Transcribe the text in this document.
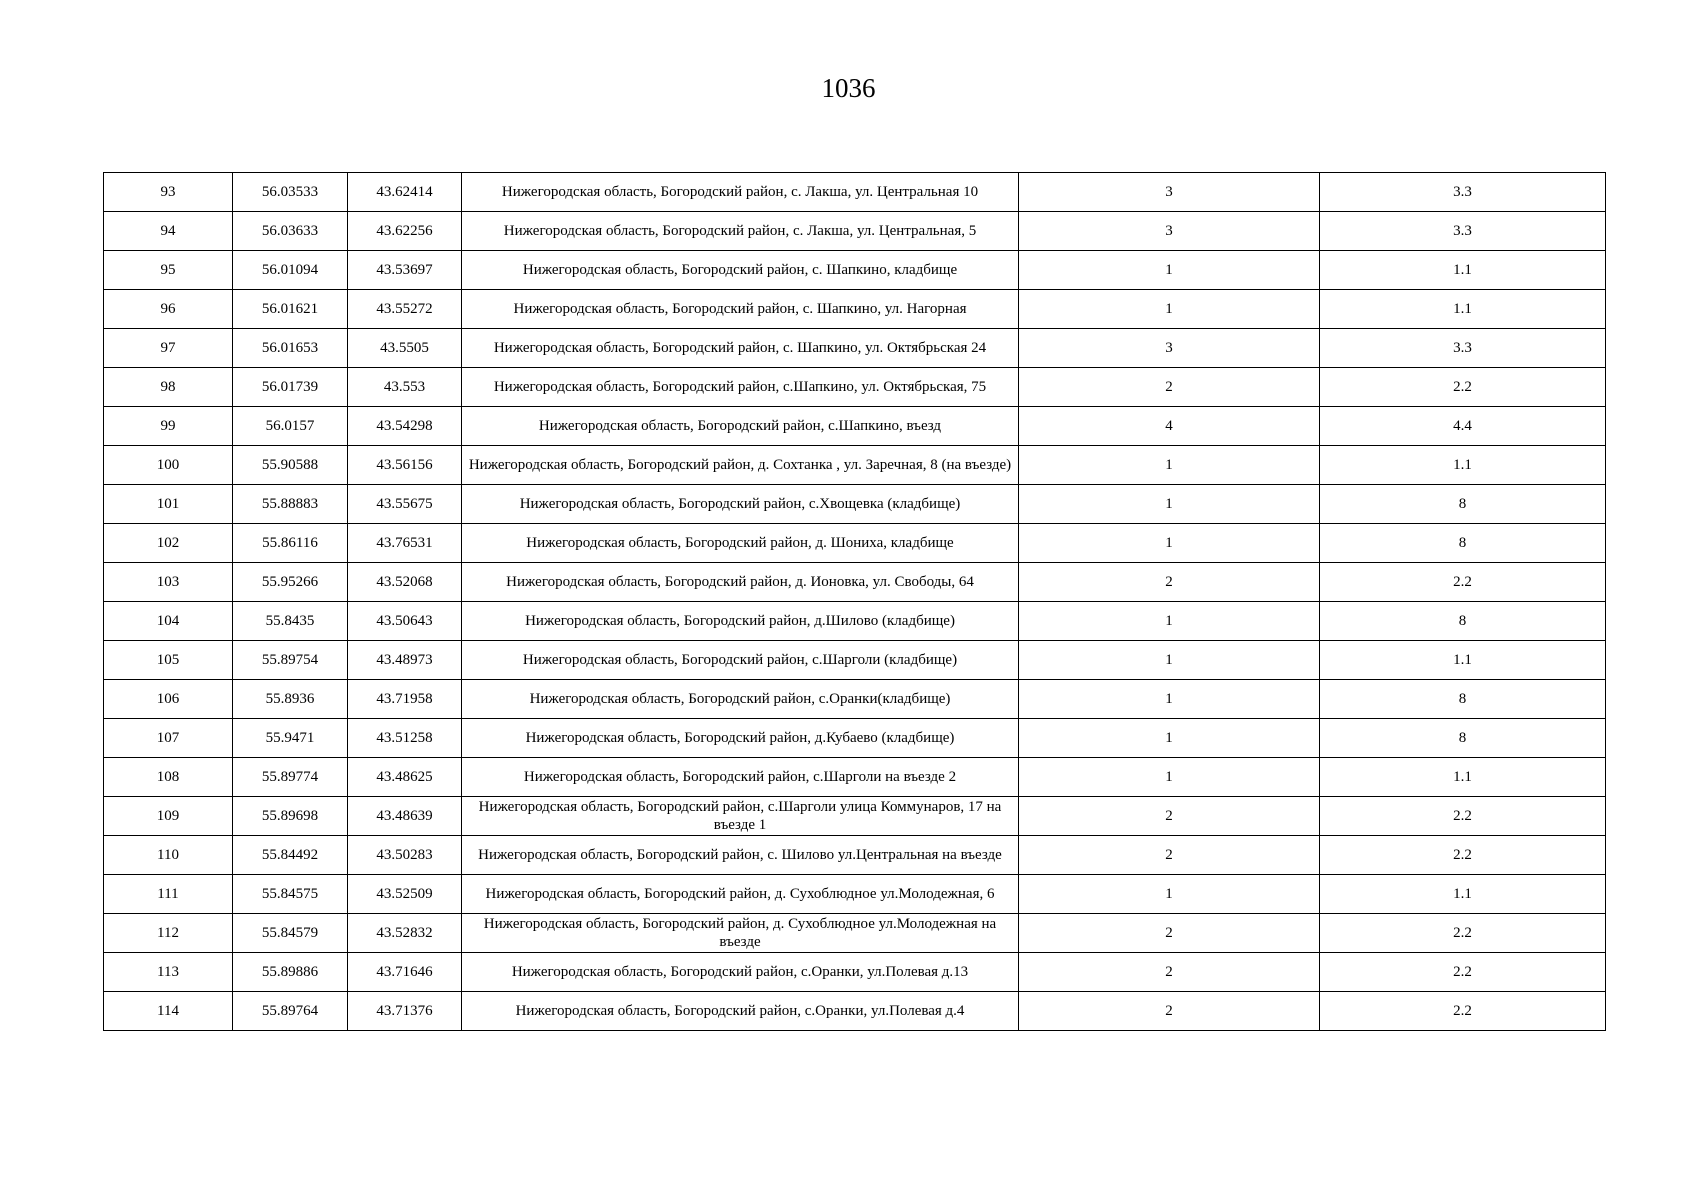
1036
93	56.03533	43.62414	Нижегородская область, Богородский район, с. Лакша, ул. Центральная 10	3	3.3
94	56.03633	43.62256	Нижегородская область, Богородский район, с. Лакша, ул. Центральная, 5	3	3.3
95	56.01094	43.53697	Нижегородская область, Богородский район, с. Шапкино, кладбище	1	1.1
96	56.01621	43.55272	Нижегородская область, Богородский район, с. Шапкино, ул. Нагорная	1	1.1
97	56.01653	43.5505	Нижегородская область, Богородский район, с. Шапкино, ул. Октябрьская 24	3	3.3
98	56.01739	43.553	Нижегородская область, Богородский район, с.Шапкино, ул. Октябрьская, 75	2	2.2
99	56.0157	43.54298	Нижегородская область, Богородский район, с.Шапкино, въезд	4	4.4
100	55.90588	43.56156	Нижегородская область, Богородский район, д. Сохтанка , ул. Заречная, 8 (на въезде)	1	1.1
101	55.88883	43.55675	Нижегородская область, Богородский район, с.Хвощевка (кладбище)	1	8
102	55.86116	43.76531	Нижегородская область, Богородский район, д. Шониха, кладбище	1	8
103	55.95266	43.52068	Нижегородская область, Богородский район, д. Ионовка, ул. Свободы, 64	2	2.2
104	55.8435	43.50643	Нижегородская область, Богородский район, д.Шилово (кладбище)	1	8
105	55.89754	43.48973	Нижегородская область, Богородский район, с.Шарголи (кладбище)	1	1.1
106	55.8936	43.71958	Нижегородская область, Богородский район, с.Оранки(кладбище)	1	8
107	55.9471	43.51258	Нижегородская область, Богородский район, д.Кубаево (кладбище)	1	8
108	55.89774	43.48625	Нижегородская область, Богородский район, с.Шарголи на въезде 2	1	1.1
109	55.89698	43.48639	Нижегородская область, Богородский район, с.Шарголи улица Коммунаров, 17 на въезде 1	2	2.2
110	55.84492	43.50283	Нижегородская область, Богородский район, с. Шилово ул.Центральная на въезде	2	2.2
111	55.84575	43.52509	Нижегородская область, Богородский район, д. Сухоблюдное ул.Молодежная, 6	1	1.1
112	55.84579	43.52832	Нижегородская область, Богородский район, д. Сухоблюдное ул.Молодежная на въезде	2	2.2
113	55.89886	43.71646	Нижегородская область, Богородский район, с.Оранки, ул.Полевая д.13	2	2.2
114	55.89764	43.71376	Нижегородская область, Богородский район, с.Оранки, ул.Полевая д.4	2	2.2
